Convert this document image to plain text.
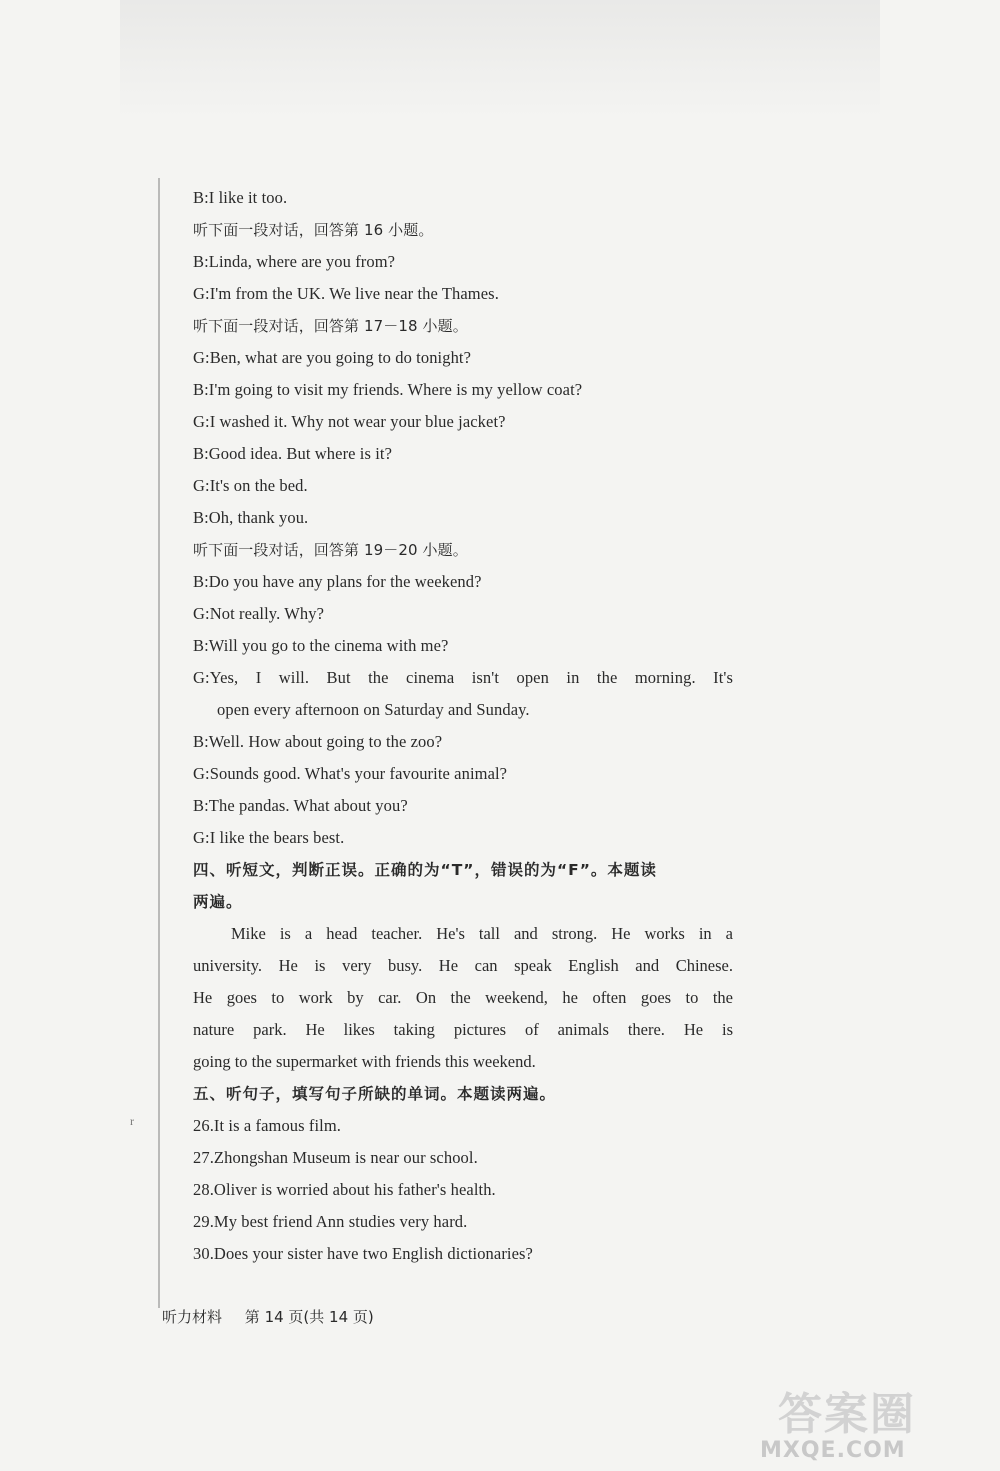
B:I like it too.
听下面一段对话，回答第 16 小题。
B:Linda, where are you from?
G:I'm from the UK. We live near the Thames.
听下面一段对话，回答第 17－18 小题。
G:Ben, what are you going to do tonight?
B:I'm going to visit my friends. Where is my yellow coat?
G:I washed it. Why not wear your blue jacket?
B:Good idea. But where is it?
G:It's on the bed.
B:Oh, thank you.
听下面一段对话，回答第 19－20 小题。
B:Do you have any plans for the weekend?
G:Not really. Why?
B:Will you go to the cinema with me?
G:Yes, I will. But the cinema isn't open in the morning. It's
open every afternoon on Saturday and Sunday.
B:Well. How about going to the zoo?
G:Sounds good. What's your favourite animal?
B:The pandas. What about you?
G:I like the bears best.
四、听短文，判断正误。正确的为“T”，错误的为“F”。本题读
两遍。
Mike is a head teacher. He's tall and strong. He works in a
university. He is very busy. He can speak English and Chinese.
He goes to work by car. On the weekend, he often goes to the
nature park. He likes taking pictures of animals there. He is
going to the supermarket with friends this weekend.
五、听句子，填写句子所缺的单词。本题读两遍。
26.It is a famous film.
27.Zhongshan Museum is near our school.
28.Oliver is worried about his father's health.
29.My best friend Ann studies very hard.
30.Does your sister have two English dictionaries?
r
听力材料 第 14 页(共 14 页)
答案圈
MXQE.COM
